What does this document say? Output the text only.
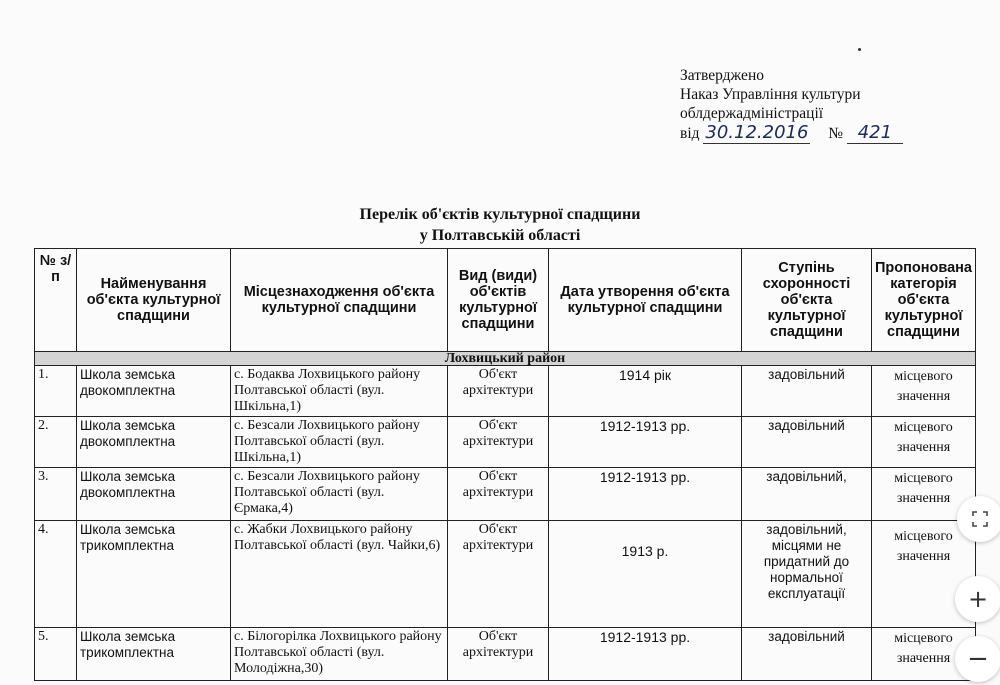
Затверджено
Наказ Управління культури
облдержадміністрації
від 30.12.2016 № 421
Перелік об'єктів культурної спадщини
у Полтавській області
№ з/п	Найменування об'єкта культурної спадщини	Місцезнаходження об'єкта культурної спадщини	Вид (види) об'єктів культурної спадщини	Дата утворення об'єкта культурної спадщини	Ступінь схоронності об'єкта культурної спадщини	Пропонована категорія об'єкта культурної спадщини
Лохвицький район						
1.	Школа земська двокомплектна	с. Бодаква Лохвицького району Полтавської області (вул. Шкільна,1)	Об'єкт архітектури	1914 рік	задовільний	місцевого значення
2.	Школа земська двокомплектна	с. Безсали Лохвицького району Полтавської області (вул. Шкільна,1)	Об'єкт архітектури	1912-1913 рр.	задовільний	місцевого значення
3.	Школа земська двокомплектна	с. Безсали Лохвицького району Полтавської області (вул. Єрмака,4)	Об'єкт архітектури	1912-1913 рр.	задовільний,	місцевого значення
4.	Школа земська трикомплектна	с. Жабки Лохвицького району Полтавської області (вул. Чайки,6)	Об'єкт архітектури	1913 р.	задовільний, місцями не придатний до нормальної експлуатації	місцевого значення
5.	Школа земська трикомплектна	с. Білогорілка Лохвицького району Полтавської області (вул. Молодіжна,30)	Об'єкт архітектури	1912-1913 рр.	задовільний	місцевого значення
+
−
